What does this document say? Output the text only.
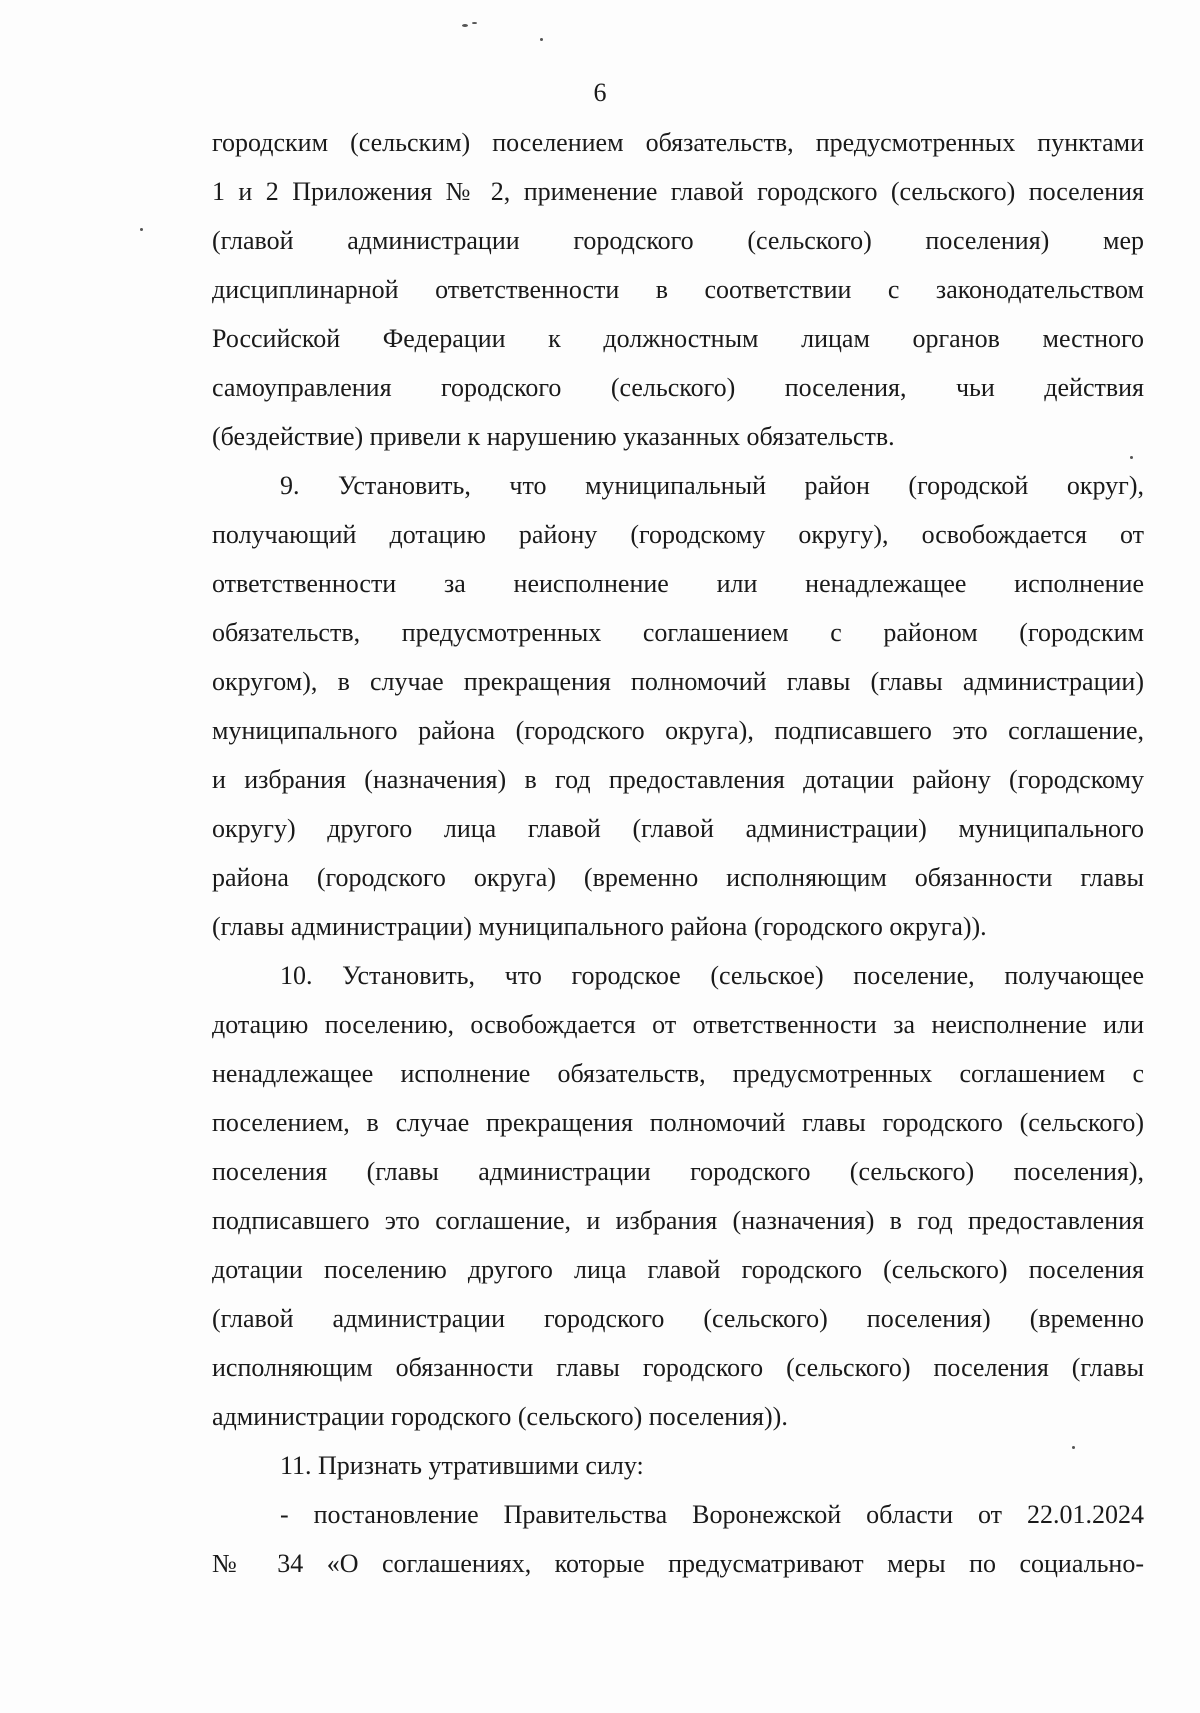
6

городским (сельским) поселением обязательств, предусмотренных пунктами

1 и 2 Приложения № 2, применение главой городского (сельского) поселения

(главой администрации городского (сельского) поселения) мер

дисциплинарной ответственности в соответствии с законодательством

Российской Федерации к должностным лицам органов местного

самоуправления городского (сельского) поселения, чьи действия

(бездействие) привели к нарушению указанных обязательств.

9. Установить, что муниципальный район (городской округ),

получающий дотацию району (городскому округу), освобождается от

ответственности за неисполнение или ненадлежащее исполнение

обязательств, предусмотренных соглашением с районом (городским

округом), в случае прекращения полномочий главы (главы администрации)

муниципального района (городского округа), подписавшего это соглашение,

и избрания (назначения) в год предоставления дотации району (городскому

округу) другого лица главой (главой администрации) муниципального

района (городского округа) (временно исполняющим обязанности главы

(главы администрации) муниципального района (городского округа)).

10. Установить, что городское (сельское) поселение, получающее

дотацию поселению, освобождается от ответственности за неисполнение или

ненадлежащее исполнение обязательств, предусмотренных соглашением с

поселением, в случае прекращения полномочий главы городского (сельского)

поселения (главы администрации городского (сельского) поселения),

подписавшего это соглашение, и избрания (назначения) в год предоставления

дотации поселению другого лица главой городского (сельского) поселения

(главой администрации городского (сельского) поселения) (временно

исполняющим обязанности главы городского (сельского) поселения (главы

администрации городского (сельского) поселения)).

11. Признать утратившими силу:

- постановление Правительства Воронежской области от 22.01.2024

№ 34 «О соглашениях, которые предусматривают меры по социально-
